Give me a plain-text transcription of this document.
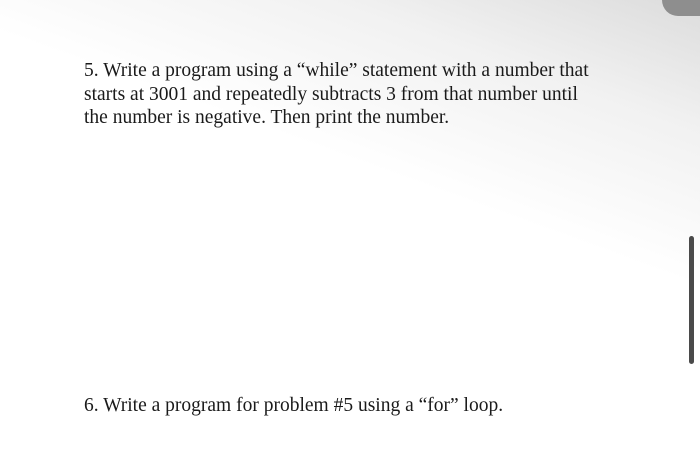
5. Write a program using a “while” statement with a number that
starts at 3001 and repeatedly subtracts 3 from that number until
the number is negative. Then print the number.

6. Write a program for problem #5 using a “for” loop.
